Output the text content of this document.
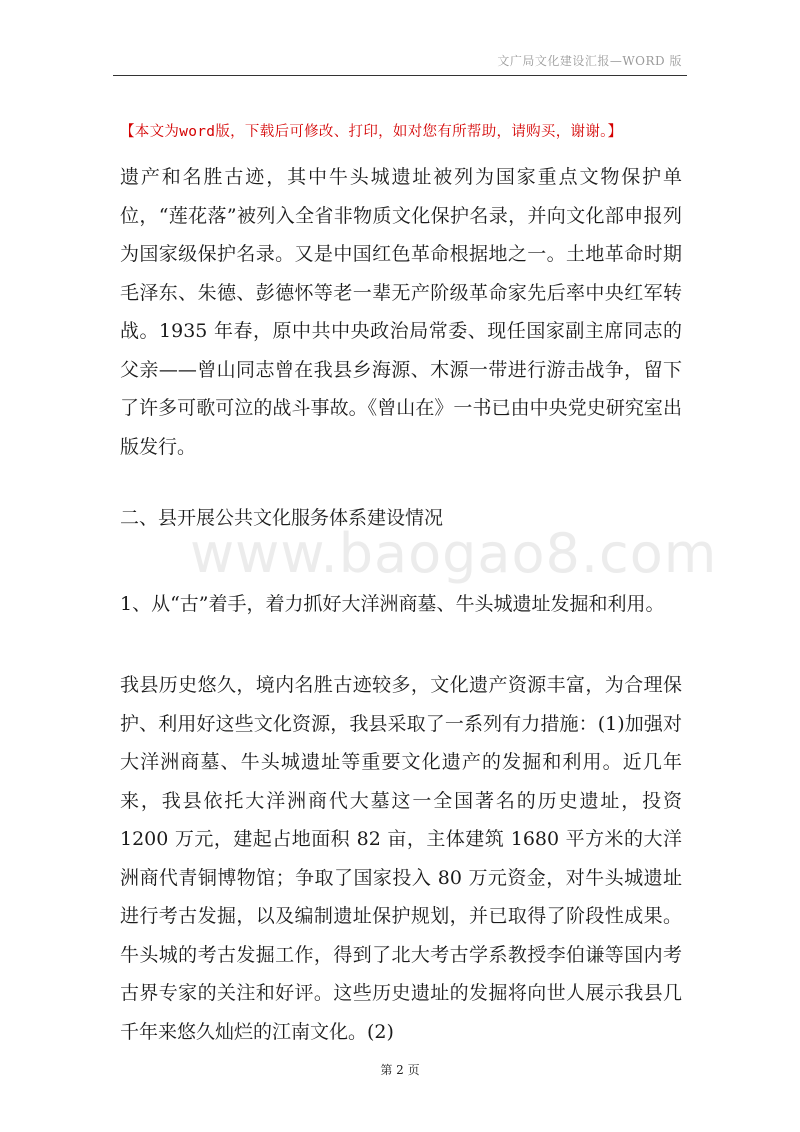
文广局文化建设汇报—WORD 版
【本文为word版，下载后可修改、打印，如对您有所帮助，请购买，谢谢。】
www.baogao8.com
遗产和名胜古迹，其中牛头城遗址被列为国家重点文物保护单位，“莲花落”被列入全省非物质文化保护名录，并向文化部申报列为国家级保护名录。又是中国红色革命根据地之一。土地革命时期毛泽东、朱德、彭德怀等老一辈无产阶级革命家先后率中央红军转战。1935 年春，原中共中央政治局常委、现任国家副主席同志的父亲——曾山同志曾在我县乡海源、木源一带进行游击战争，留下了许多可歌可泣的战斗事故。《曾山在》一书已由中央党史研究室出版发行。
二、县开展公共文化服务体系建设情况
1、从“古”着手，着力抓好大洋洲商墓、牛头城遗址发掘和利用。
我县历史悠久，境内名胜古迹较多，文化遗产资源丰富，为合理保护、利用好这些文化资源，我县采取了一系列有力措施：(1)加强对大洋洲商墓、牛头城遗址等重要文化遗产的发掘和利用。近几年来，我县依托大洋洲商代大墓这一全国著名的历史遗址，投资 1200 万元，建起占地面积 82 亩，主体建筑 1680 平方米的大洋洲商代青铜博物馆；争取了国家投入 80 万元资金，对牛头城遗址进行考古发掘，以及编制遗址保护规划，并已取得了阶段性成果。牛头城的考古发掘工作，得到了北大考古学系教授李伯谦等国内考古界专家的关注和好评。这些历史遗址的发掘将向世人展示我县几千年来悠久灿烂的江南文化。(2)
第 2 页
